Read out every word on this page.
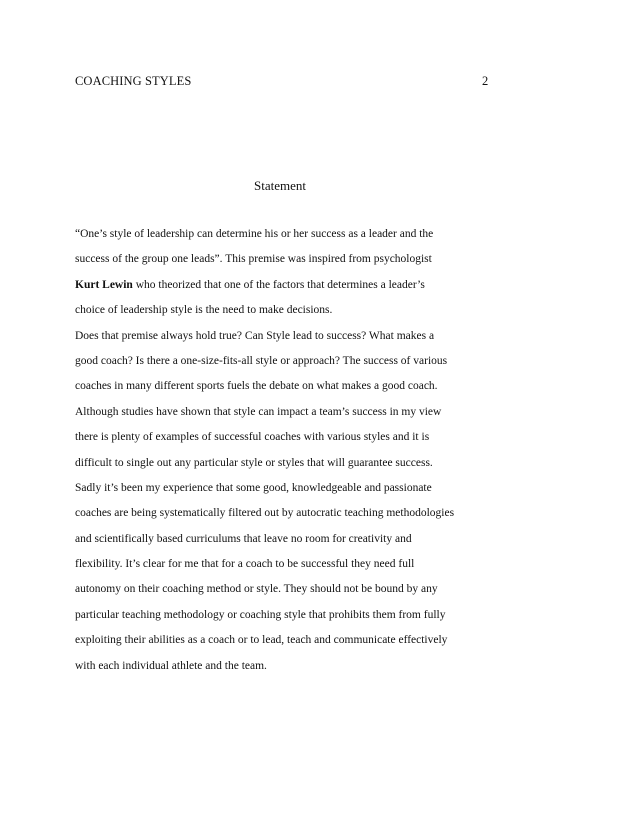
COACHING STYLES	2
Statement
“One’s style of leadership can determine his or her success as a leader and the
success of the group one leads”. This premise was inspired from psychologist
Kurt Lewin who theorized that one of the factors that determines a leader’s
choice of leadership style is the need to make decisions.
Does that premise always hold true? Can Style lead to success? What makes a
good coach? Is there a one-size-fits-all style or approach? The success of various
coaches in many different sports fuels the debate on what makes a good coach.
Although studies have shown that style can impact a team’s success in my view
there is plenty of examples of successful coaches with various styles and it is
difficult to single out any particular style or styles that will guarantee success.
Sadly it’s been my experience that some good, knowledgeable and passionate
coaches are being systematically filtered out by autocratic teaching methodologies
and scientifically based curriculums that leave no room for creativity and
flexibility. It’s clear for me that for a coach to be successful they need full
autonomy on their coaching method or style. They should not be bound by any
particular teaching methodology or coaching style that prohibits them from fully
exploiting their abilities as a coach or to lead, teach and communicate effectively
with each individual athlete and the team.
